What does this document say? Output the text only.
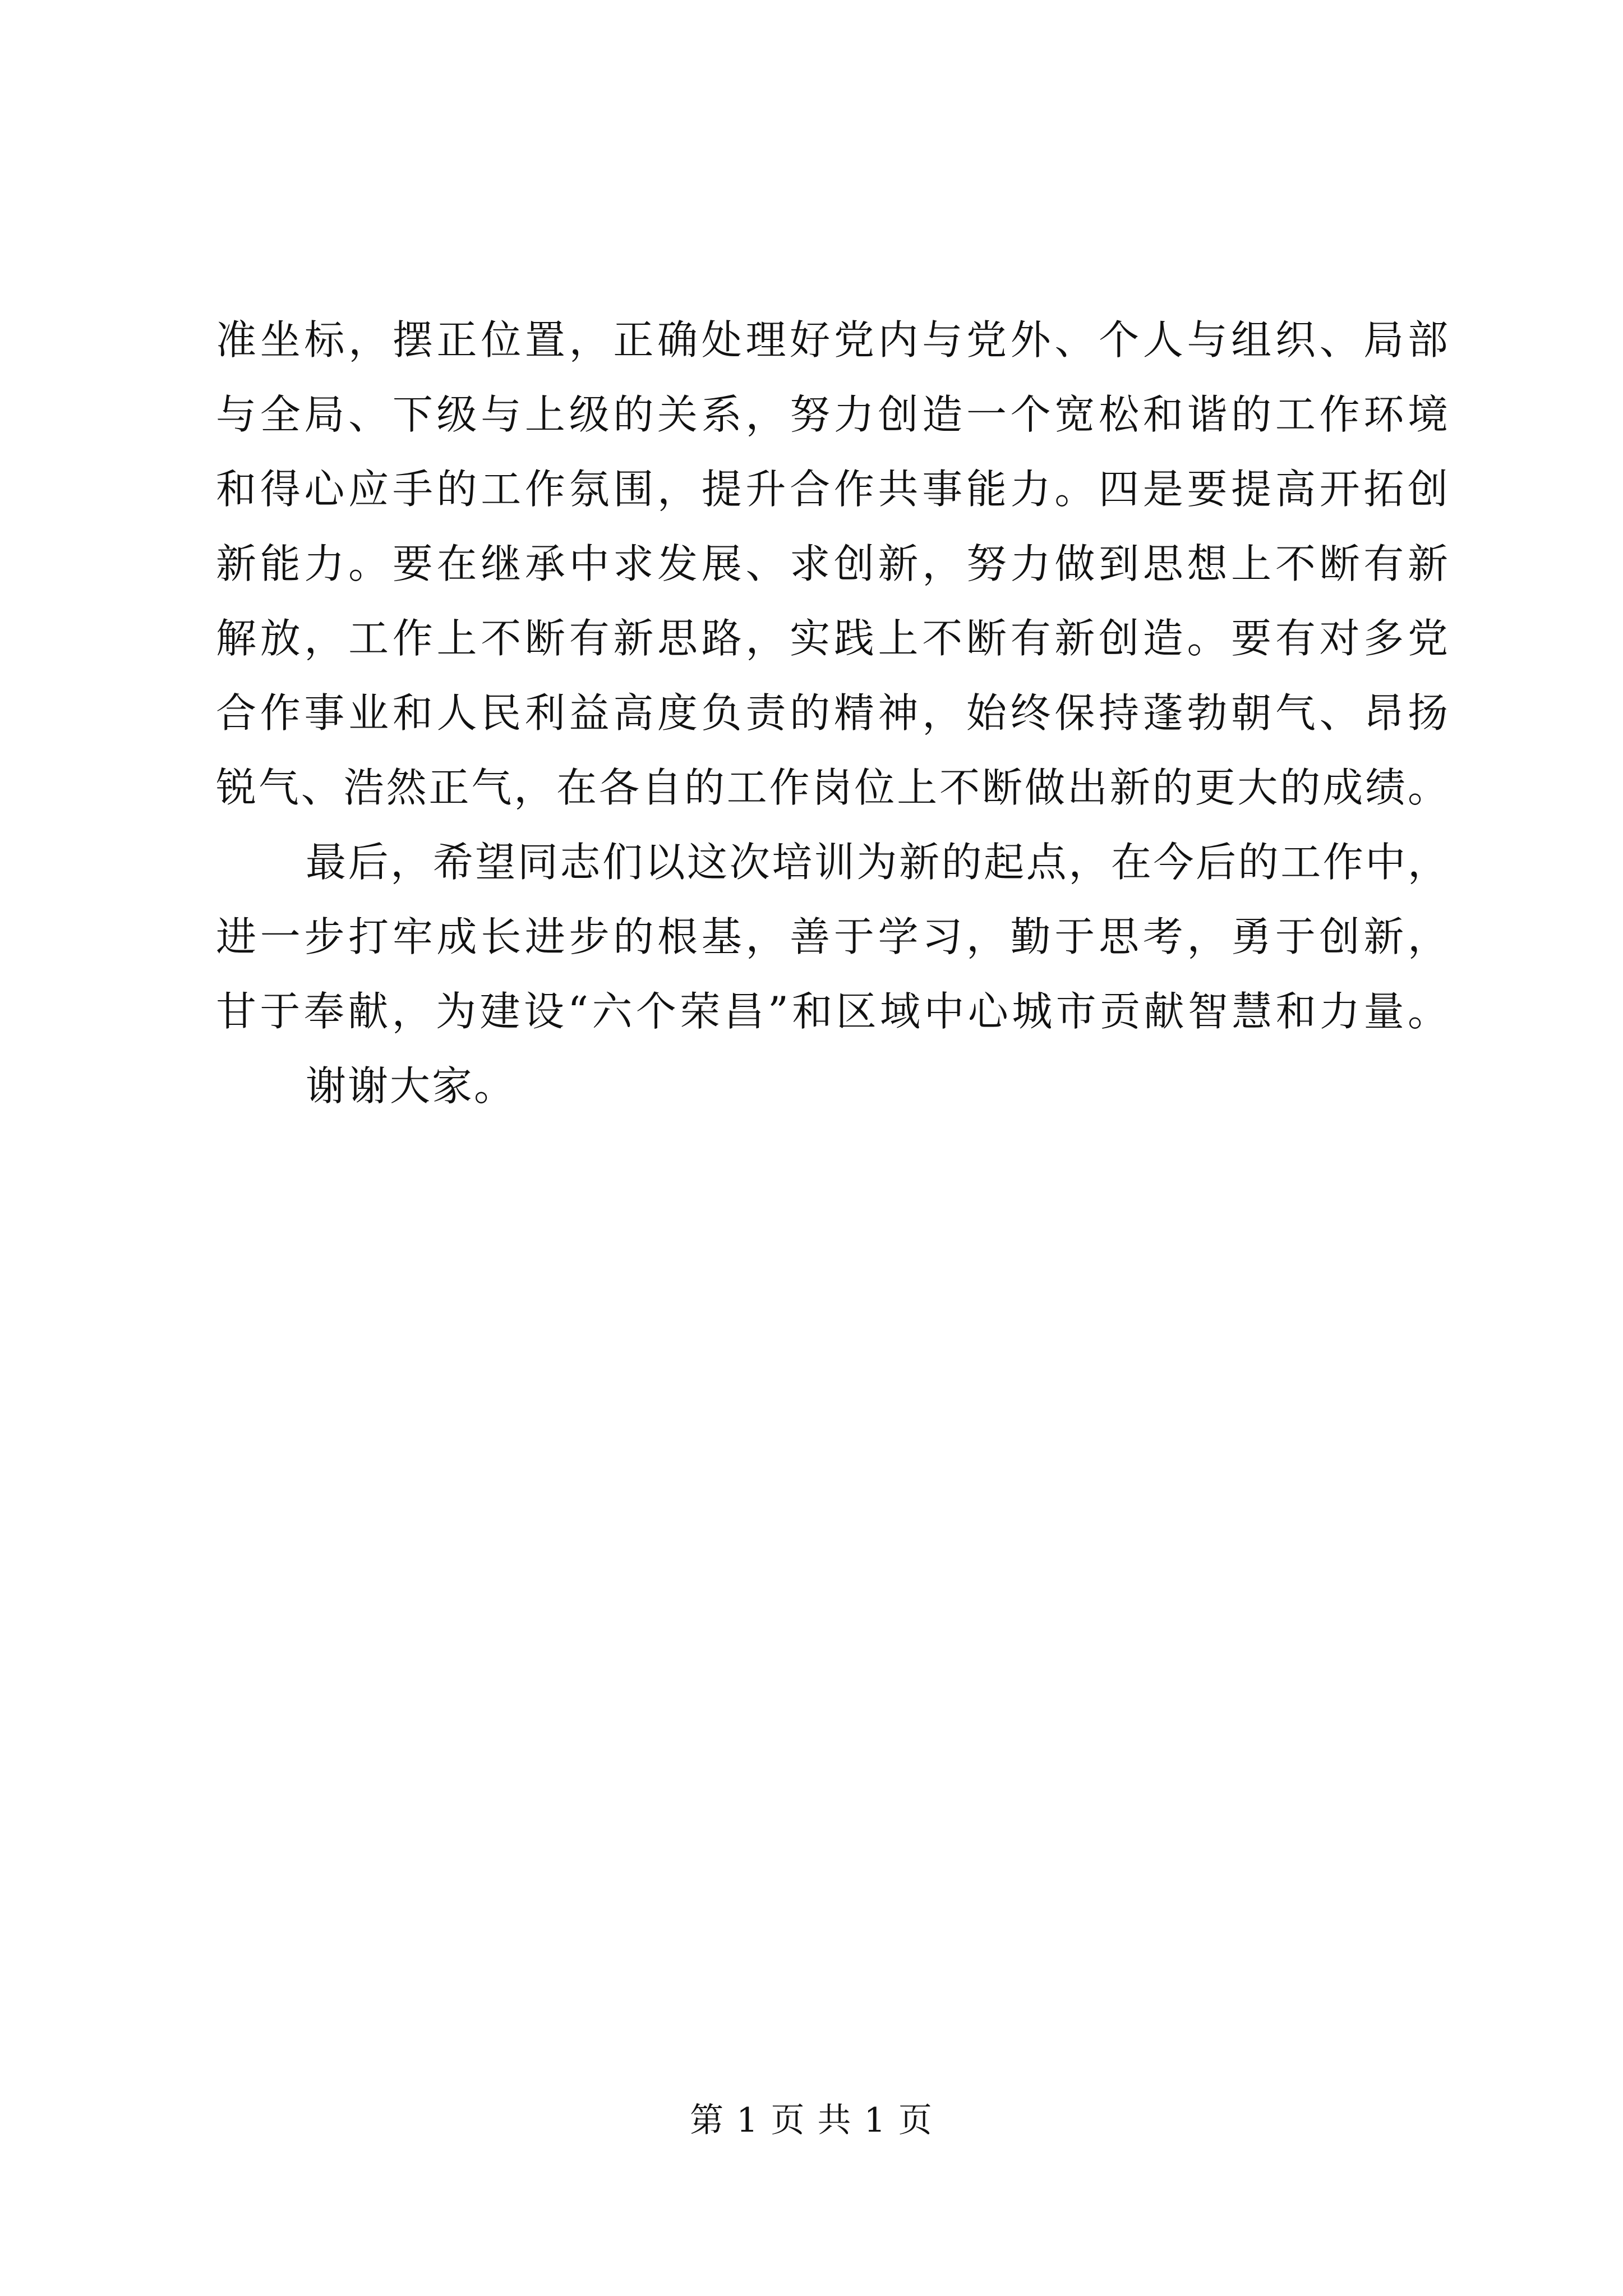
准坐标，摆正位置，正确处理好党内与党外、个人与组织、局部
与全局、下级与上级的关系，努力创造一个宽松和谐的工作环境
和得心应手的工作氛围，提升合作共事能力。四是要提高开拓创
新能力。要在继承中求发展、求创新，努力做到思想上不断有新
解放，工作上不断有新思路，实践上不断有新创造。要有对多党
合作事业和人民利益高度负责的精神，始终保持蓬勃朝气、昂扬
锐气、浩然正气，在各自的工作岗位上不断做出新的更大的成绩。
最后，希望同志们以这次培训为新的起点，在今后的工作中，
进一步打牢成长进步的根基，善于学习，勤于思考，勇于创新，
甘于奉献，为建设“六个荣昌”和区域中心城市贡献智慧和力量。
谢谢大家。
第 1 页 共 1 页
